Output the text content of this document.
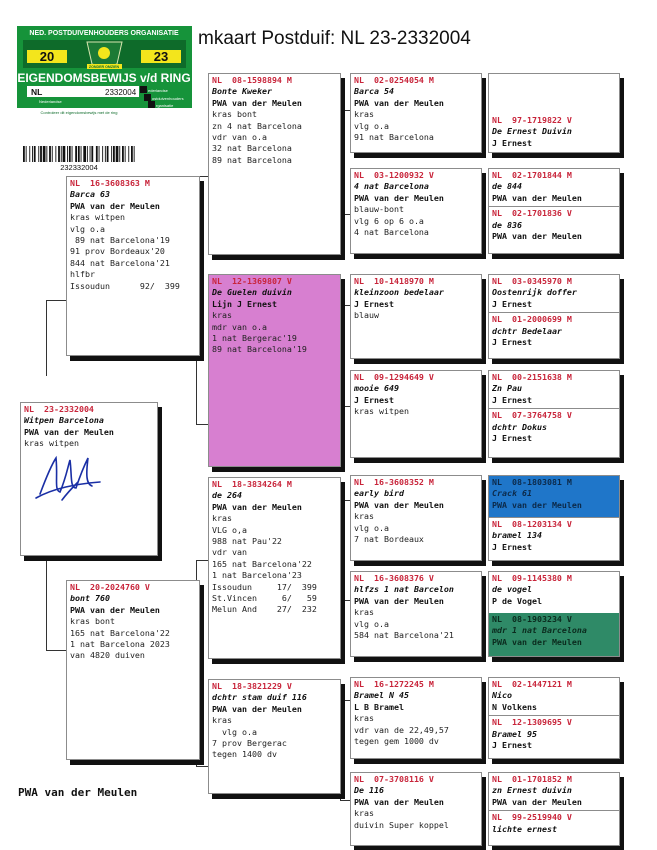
mkaart Postduif: NL 23-2332004
NED. POSTDUIVENHOUDERS ORGANISATIE
20	23
ZONDER OMZIEN
EIGENDOMSBEWIJS v/d RING
NL	2332004	ederlandse
ostduivenhouders
rganisatie
Nederlandse
Controleer dit eigendomsbewijs met de ring
232332004
NL  23-2332004
Witpen Barcelona
PWA van der Meulen
kras witpen
NL  16-3608363 M
Barca 63
PWA van der Meulen
kras witpen
vlg o.a
89 nat Barcelona'19
91 prov Bordeaux'20
844 nat Barcelona'21
hlfbr
Issoudun      92/  399
NL  20-2024760 V
bont 760
PWA van der Meulen
kras bont
165 nat Barcelona'22
1 nat Barcelona 2023
van 4820 duiven
NL  08-1598894 M
Bonte Kweker
PWA van der Meulen
kras bont
zn 4 nat Barcelona
vdr van o.a
32 nat Barcelona
89 nat Barcelona
NL  12-1369807 V
De Guelen duivin
Lijn J Ernest
kras
mdr van o.a
1 nat Bergerac'19
89 nat Barcelona'19
NL  18-3834264 M
de 264
PWA van der Meulen
kras
VLG o,a
988 nat Pau'22
vdr van
165 nat Barcelona'22
1 nat Barcelona'23
Issoudun     17/  399
St.Vincen     6/   59
Melun And    27/  232
NL  18-3821229 V
dchtr stam duif 116
PWA van der Meulen
kras
vlg o.a
7 prov Bergerac
tegen 1400 dv
NL  02-0254054 M
Barca 54
PWA van der Meulen
kras
vlg o.a
91 nat Barcelona
NL  03-1200932 V
4 nat Barcelona
PWA van der Meulen
blauw-bont
vlg 6 op 6 o.a
4 nat Barcelona
NL  10-1418970 M
kleinzoon bedelaar
J Ernest
blauw
NL  09-1294649 V
mooie 649
J Ernest
kras witpen
NL  16-3608352 M
early bird
PWA van der Meulen
kras
vlg o.a
7 nat Bordeaux
NL  16-3608376 V
hlfzs 1 nat Barcelon
PWA van der Meulen
kras
vlg o.a
584 nat Barcelona'21
NL  16-1272245 M
Bramel N 45
L B Bramel
kras
vdr van de 22,49,57
tegen gem 1000 dv
NL  07-3708116 V
De 116
PWA van der Meulen
kras
duivin Super koppel
NL  97-1719822 V
De Ernest Duivin
J Ernest
NL  02-1701844 M
de 844
PWA van der Meulen
NL  02-1701836 V
de 836
PWA van der Meulen
NL  03-0345970 M
Oostenrijk doffer
J Ernest
NL  01-2000699 M
dchtr Bedelaar
J Ernest
NL  00-2151638 M
Zn Pau
J Ernest
NL  07-3764758 V
dchtr Dokus
J Ernest
NL  08-1803081 M
Crack 61
PWA van der Meulen
NL  08-1203134 V
bramel 134
J Ernest
NL  09-1145380 M
de vogel
P de Vogel
NL  08-1903234 V
mdr 1 nat Barcelona
PWA van der Meulen
NL  02-1447121 M
Nico
N Volkens
NL  12-1309695 V
Bramel 95
J Ernest
NL  01-1701852 M
zn Ernest duivin
PWA van der Meulen
NL  99-2519940 V
lichte ernest
PWA van der Meulen
